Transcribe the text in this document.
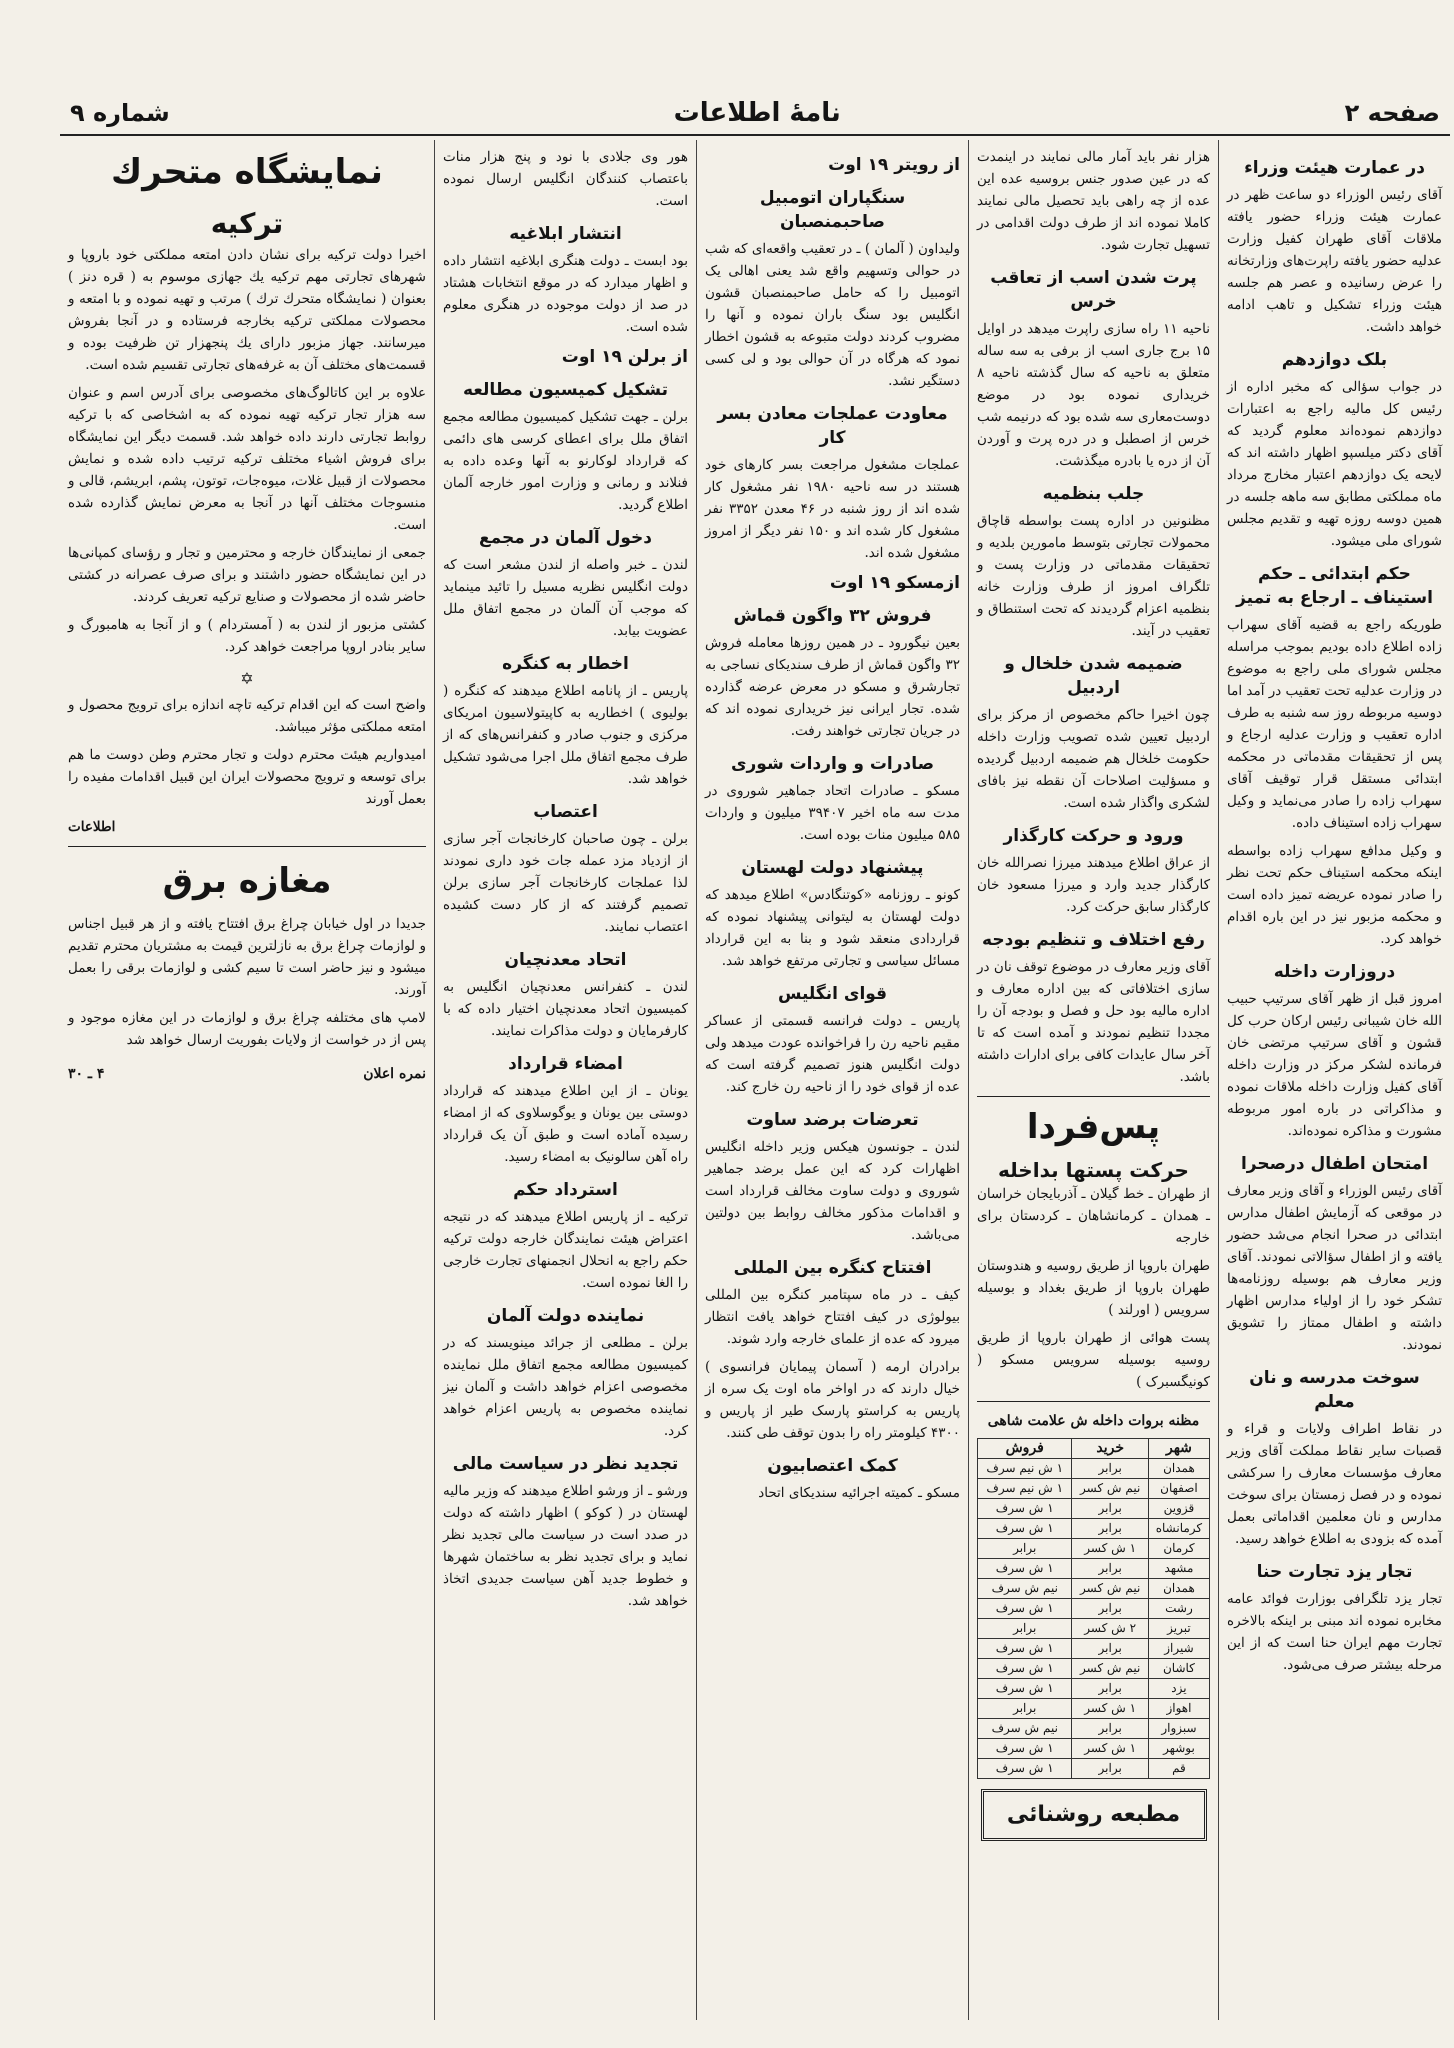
صفحه ۲
نامهٔ اطلاعات
شماره ۹
در عمارت هیئت وزراء

آقای رئیس الوزراء دو ساعت ظهر در عمارت هیئت وزراء حضور یافته ملاقات آقای طهران کفیل وزارت عدلیه حضور یافته راپرت‌های وزارتخانه را عرض رسانیده و عصر هم جلسه هیئت وزراء تشکیل و تاهب ادامه خواهد داشت.

بلک دوازدهم

در جواب سؤالی که مخبر اداره از رئیس کل مالیه راجع به اعتبارات دوازدهم نموده‌اند معلوم گردید که آقای دکتر میلسپو اظهار داشته اند که لایحه یک دوازدهم اعتبار مخارج مرداد ماه مملکتی مطابق سه ماهه جلسه در همین دوسه روزه تهیه و تقدیم مجلس شورای ملی میشود.

حکم ابتدائی ـ حکم استیناف ـ ارجاع به تمیز

طوریکه راجع به قضیه آقای سهراب زاده اطلاع داده بودیم بموجب مراسله مجلس شورای ملی راجع به موضوع در وزارت عدلیه تحت تعقیب در آمد اما دوسیه مربوطه روز سه شنبه به طرف اداره تعقیب و وزارت عدلیه ارجاع و پس از تحقیقات مقدماتی در محکمه ابتدائی مستقل قرار توقیف آقای سهراب زاده را صادر می‌نماید و وکیل سهراب زاده استیناف داده.

و وکیل مدافع سهراب زاده بواسطه اینکه محکمه استیناف حکم تحت نظر را صادر نموده عریضه تمیز داده است و محکمه مزبور نیز در این باره اقدام خواهد کرد.

دروزارت داخله

امروز قبل از ظهر آقای سرتیپ حبیب الله خان شیبانی رئیس ارکان حرب کل قشون و آقای سرتیپ مرتضی خان فرمانده لشکر مرکز در وزارت داخله آقای کفیل وزارت داخله ملاقات نموده و مذاکراتی در باره امور مربوطه مشورت و مذاکره نموده‌اند.

امتحان اطفال درصحرا

آقای رئیس الوزراء و آقای وزیر معارف در موقعی که آزمایش اطفال مدارس ابتدائی در صحرا انجام می‌شد حضور یافته و از اطفال سؤالاتی نمودند. آقای وزیر معارف هم بوسیله روزنامه‌ها تشکر خود را از اولیاء مدارس اظهار داشته و اطفال ممتاز را تشویق نمودند.

سوخت مدرسه و نان معلم

در نقاط اطراف ولایات و قراء و قصبات سایر نقاط مملکت آقای وزیر معارف مؤسسات معارف را سرکشی نموده و در فصل زمستان برای سوخت مدارس و نان معلمین اقداماتی بعمل آمده که بزودی به اطلاع خواهد رسید.

تجار یزد تجارت حنا

تجار یزد تلگرافی بوزارت فوائد عامه مخابره نموده اند مبنی بر اینکه بالاخره تجارت مهم ایران حنا است که از این مرحله بیشتر صرف می‌شود.

هزار نفر باید آمار مالی نمایند در اینمدت که در عین صدور جنس بروسیه عده این عده از چه راهی باید تحصیل مالی نمایند کاملا نموده اند از طرف دولت اقدامی در تسهیل تجارت شود.

پرت شدن اسب از تعاقب خرس

ناحیه ۱۱ راه سازی راپرت میدهد در اوایل ۱۵ برج جاری اسب از برفی به سه ساله متعلق به ناحیه که سال گذشته ناحیه ۸ خریداری نموده بود در موضع دوست‌معاری سه شده بود که درنیمه شب خرس از اصطبل و در دره پرت و آوردن آن از دره یا بادره میگذشت.

جلب بنظمیه

مظنونین در اداره پست بواسطه قاچاق محمولات تجارتی بتوسط مامورین بلدیه و تحقیقات مقدماتی در وزارت پست و تلگراف امروز از طرف وزارت خانه بنظمیه اعزام گردیدند که تحت استنطاق و تعقیب در آیند.

ضمیمه شدن خلخال و اردبیل

چون اخیرا حاکم مخصوص از مرکز برای اردبیل تعیین شده تصویب وزارت داخله حکومت خلخال هم ضمیمه اردبیل گردیده و مسؤلیت اصلاحات آن نقطه نیز بافای لشکری واگذار شده است.

ورود و حرکت کارگذار

از عراق اطلاع میدهند میرزا نصرالله خان کارگذار جدید وارد و میرزا مسعود خان کارگذار سابق حرکت کرد.

رفع اختلاف و تنظیم بودجه

آقای وزیر معارف در موضوع توقف نان در سازی اختلافاتی که بین اداره معارف و اداره مالیه بود حل و فصل و بودجه آن را مجددا تنظیم نمودند و آمده است که تا آخر سال عایدات کافی برای ادارات داشته باشد.

پس‌فردا
حرکت پستها بداخله

از طهران ـ خط گیلان ـ آذربایجان خراسان ـ همدان ـ کرمانشاهان ـ کردستان برای خارجه

طهران باروپا از طریق روسیه و هندوستان طهران باروپا از طریق بغداد و بوسیله سرویس ( اورلند )

پست هوائی از طهران باروپا از طریق روسیه بوسیله سرویس مسکو ( کونیگسبرک )

مظنه بروات داخله ش علامت شاهی
شهر	خرید	فروش
همدان	برابر	۱ ش نیم سرف
اصفهان	نیم ش کسر	۱ ش نیم سرف
قزوین	برابر	۱ ش سرف
کرمانشاه	برابر	۱ ش سرف
کرمان	۱ ش کسر	برابر
مشهد	برابر	۱ ش سرف
همدان	نیم ش کسر	نیم ش سرف
رشت	برابر	۱ ش سرف
تبریز	۲ ش کسر	برابر
شیراز	برابر	۱ ش سرف
کاشان	نیم ش کسر	۱ ش سرف
یزد	برابر	۱ ش سرف
اهواز	۱ ش کسر	برابر
سبزوار	برابر	نیم ش سرف
بوشهر	۱ ش کسر	۱ ش سرف
قم	برابر	۱ ش سرف
مطبعه روشنائی
از رویتر ۱۹ اوت
سنگپاران اتومبیل صاحبمنصبان

ولیداون ( آلمان ) ـ در تعقیب واقعه‌ای که شب در حوالی وتسهیم واقع شد یعنی اهالی یک اتومبیل را که حامل صاحبمنصبان قشون انگلیس بود سنگ باران نموده و آنها را مضروب کردند دولت متبوعه به قشون اخطار نمود که هرگاه در آن حوالی بود و لی کسی دستگیر نشد.

معاودت عملجات معادن بسر کار

عملجات مشغول مراجعت بسر کارهای خود هستند در سه ناحیه ۱۹۸۰ نفر مشغول کار شده اند از روز شنبه در ۴۶ معدن ۳۳۵۲ نفر مشغول کار شده اند و ۱۵۰ نفر دیگر از امروز مشغول شده اند.

ازمسکو ۱۹ اوت
فروش ۳۲ واگون قماش

بعین نیگورود ـ در همین روزها معامله فروش ۳۲ واگون قماش از طرف سندیکای نساجی به تجارشرق و مسکو در معرض عرضه گذارده شده. تجار ایرانی نیز خریداری نموده اند که در جریان تجارتی خواهند رفت.

صادرات و واردات شوری

مسکو ـ صادرات اتحاد جماهیر شوروی در مدت سه ماه اخیر ۳۹۴۰۷ میلیون و واردات ۵۸۵ میلیون منات بوده است.

پیشنهاد دولت لهستان

کونو ـ روزنامه «کوتنگادس» اطلاع میدهد که دولت لهستان به لیتوانی پیشنهاد نموده که قراردادی منعقد شود و بنا به این قرارداد مسائل سیاسی و تجارتی مرتفع خواهد شد.

قوای انگلیس

پاریس ـ دولت فرانسه قسمتی از عساکر مقیم ناحیه رن را فراخوانده عودت میدهد ولی دولت انگلیس هنوز تصمیم گرفته است که عده از قوای خود را از ناحیه رن خارج کند.

تعرضات برضد ساوت

لندن ـ جونسون هیکس وزیر داخله انگلیس اظهارات کرد که این عمل برضد جماهیر شوروی و دولت ساوت مخالف قرارداد است و اقدامات مذکور مخالف روابط بین دولتین می‌باشد.

افتتاح کنگره بین المللی

کیف ـ در ماه سپتامبر کنگره بین المللی بیولوژی در کیف افتتاح خواهد یافت انتظار میرود که عده از علمای خارجه وارد شوند.

برادران ارمه ( آسمان پیمایان فرانسوی ) خیال دارند که در اواخر ماه اوت یک سره از پاریس به کراستو پارسک طیر از پاریس و ۴۳۰۰ کیلومتر راه را بدون توقف طی کنند.

کمک اعتصابیون

مسکو ـ کمیته اجرائیه سندیکای اتحاد

هور وی جلادی با نود و پنج هزار منات باعتصاب کنندگان انگلیس ارسال نموده است.

انتشار ابلاغیه

بود ابست ـ دولت هنگری ابلاغیه انتشار داده و اظهار میدارد که در موقع انتخابات هشتاد در صد از دولت موجوده در هنگری معلوم شده است.

از برلن ۱۹ اوت
تشکیل کمیسیون مطالعه

برلن ـ جهت تشکیل کمیسیون مطالعه مجمع اتفاق ملل برای اعطای کرسی های دائمی که قرارداد لوکارنو به آنها وعده داده به فنلاند و رمانی و وزارت امور خارجه آلمان اطلاع گردید.

دخول آلمان در مجمع

لندن ـ خبر واصله از لندن مشعر است که دولت انگلیس نظریه مسیل را تائید مینماید که موجب آن آلمان در مجمع اتفاق ملل عضویت بیابد.

اخطار به کنگره

پاریس ـ از پانامه اطلاع میدهند که کنگره ( بولیوی ) اخطاریه به کاپیتولاسیون امریکای مرکزی و جنوب صادر و کنفرانس‌های که از طرف مجمع اتفاق ملل اجرا می‌شود تشکیل خواهد شد.

اعتصاب

برلن ـ چون صاحبان کارخانجات آجر سازی از ازدیاد مزد عمله جات خود داری نمودند لذا عملجات کارخانجات آجر سازی برلن تصمیم گرفتند که از کار دست کشیده اعتصاب نمایند.

اتحاد معدنچیان

لندن ـ کنفرانس معدنچیان انگلیس به کمیسیون اتحاد معدنچیان اختیار داده که با کارفرمایان و دولت مذاکرات نمایند.

امضاء قرارداد

یونان ـ از این اطلاع میدهند که قرارداد دوستی بین یونان و یوگوسلاوی که از امضاء رسیده آماده است و طبق آن یک قرارداد راه آهن سالونیک به امضاء رسید.

استرداد حکم

ترکیه ـ از پاریس اطلاع میدهند که در نتیجه اعتراض هیئت نمایندگان خارجه دولت ترکیه حکم راجع به انحلال انجمنهای تجارت خارجی را الغا نموده است.

نماینده دولت آلمان

برلن ـ مطلعی از جرائد مینویسند که در کمیسیون مطالعه مجمع اتفاق ملل نماینده مخصوصی اعزام خواهد داشت و آلمان نیز نماینده مخصوص به پاریس اعزام خواهد کرد.

تجدید نظر در سیاست مالی

ورشو ـ از ورشو اطلاع میدهند که وزیر مالیه لهستان در ( کوکو ) اظهار داشته که دولت در صدد است در سیاست مالی تجدید نظر نماید و برای تجدید نظر به ساختمان شهرها و خطوط جدید آهن سیاست جدیدی اتخاذ خواهد شد.

نمایشگاه متحرك
ترکیه

اخیرا دولت ترکیه برای نشان دادن امتعه مملکتی خود باروپا و شهرهای تجارتی مهم ترکیه یك جهازی موسوم به ( قره دنز ) بعنوان ( نمایشگاه متحرك ترك ) مرتب و تهیه نموده و با امتعه و محصولات مملکتی ترکیه بخارجه فرستاده و در آنجا بفروش میرسانند. جهاز مزبور دارای یك پنجهزار تن ظرفیت بوده و قسمت‌های مختلف آن به غرفه‌های تجارتی تقسیم شده است.

علاوه بر این کاتالوگ‌های مخصوصی برای آدرس اسم و عنوان سه هزار تجار ترکیه تهیه نموده که به اشخاصی که با ترکیه روابط تجارتی دارند داده خواهد شد. قسمت دیگر این نمایشگاه برای فروش اشیاء مختلف ترکیه ترتیب داده شده و نمایش محصولات از قبیل غلات، میوه‌جات، توتون، پشم، ابریشم، قالی و منسوجات مختلف آنها در آنجا به معرض نمایش گذارده شده است.

جمعی از نمایندگان خارجه و محترمین و تجار و رؤسای کمپانی‌ها در این نمایشگاه حضور داشتند و برای صرف عصرانه در کشتی حاضر شده از محصولات و صنایع ترکیه تعریف کردند.

کشتی مزبور از لندن به ( آمستردام ) و از آنجا به هامبورگ و سایر بنادر اروپا مراجعت خواهد کرد.

✡

واضح است که این اقدام ترکیه تاچه اندازه برای ترویج محصول و امتعه مملکتی مؤثر میباشد.

امیدواریم هیئت محترم دولت و تجار محترم وطن دوست ما هم برای توسعه و ترویج محصولات ایران این قبیل اقدامات مفیده را بعمل آورند

اطلاعات
مغازه برق

جدیدا در اول خیابان چراغ برق افتتاح یافته و از هر قبیل اجناس و لوازمات چراغ برق به نازلترین قیمت به مشتریان محترم تقدیم میشود و نیز حاضر است تا سیم کشی و لوازمات برقی را بعمل آورند.

لامپ های مختلفه چراغ برق و لوازمات در این مغازه موجود و پس از در خواست از ولایات بفوریت ارسال خواهد شد

نمره اعلان
۴ ـ ۳۰
